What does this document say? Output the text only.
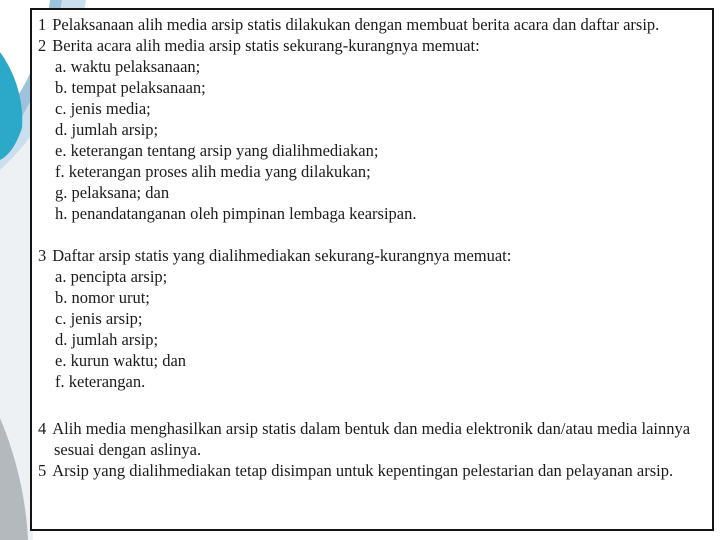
1 Pelaksanaan alih media arsip statis dilakukan dengan membuat berita acara dan daftar arsip.
2 Berita acara alih media arsip statis sekurang-kurangnya memuat:
a. waktu pelaksanaan;
b. tempat pelaksanaan;
c. jenis media;
d. jumlah arsip;
e. keterangan tentang arsip yang dialihmediakan;
f. keterangan proses alih media yang dilakukan;
g. pelaksana; dan
h. penandatanganan oleh pimpinan lembaga kearsipan.
3 Daftar arsip statis yang dialihmediakan sekurang-kurangnya memuat:
a. pencipta arsip;
b. nomor urut;
c. jenis arsip;
d. jumlah arsip;
e. kurun waktu; dan
f. keterangan.
4 Alih media menghasilkan arsip statis dalam bentuk dan media elektronik dan/atau media lainnya sesuai dengan aslinya.
5 Arsip yang dialihmediakan tetap disimpan untuk kepentingan pelestarian dan pelayanan arsip.
